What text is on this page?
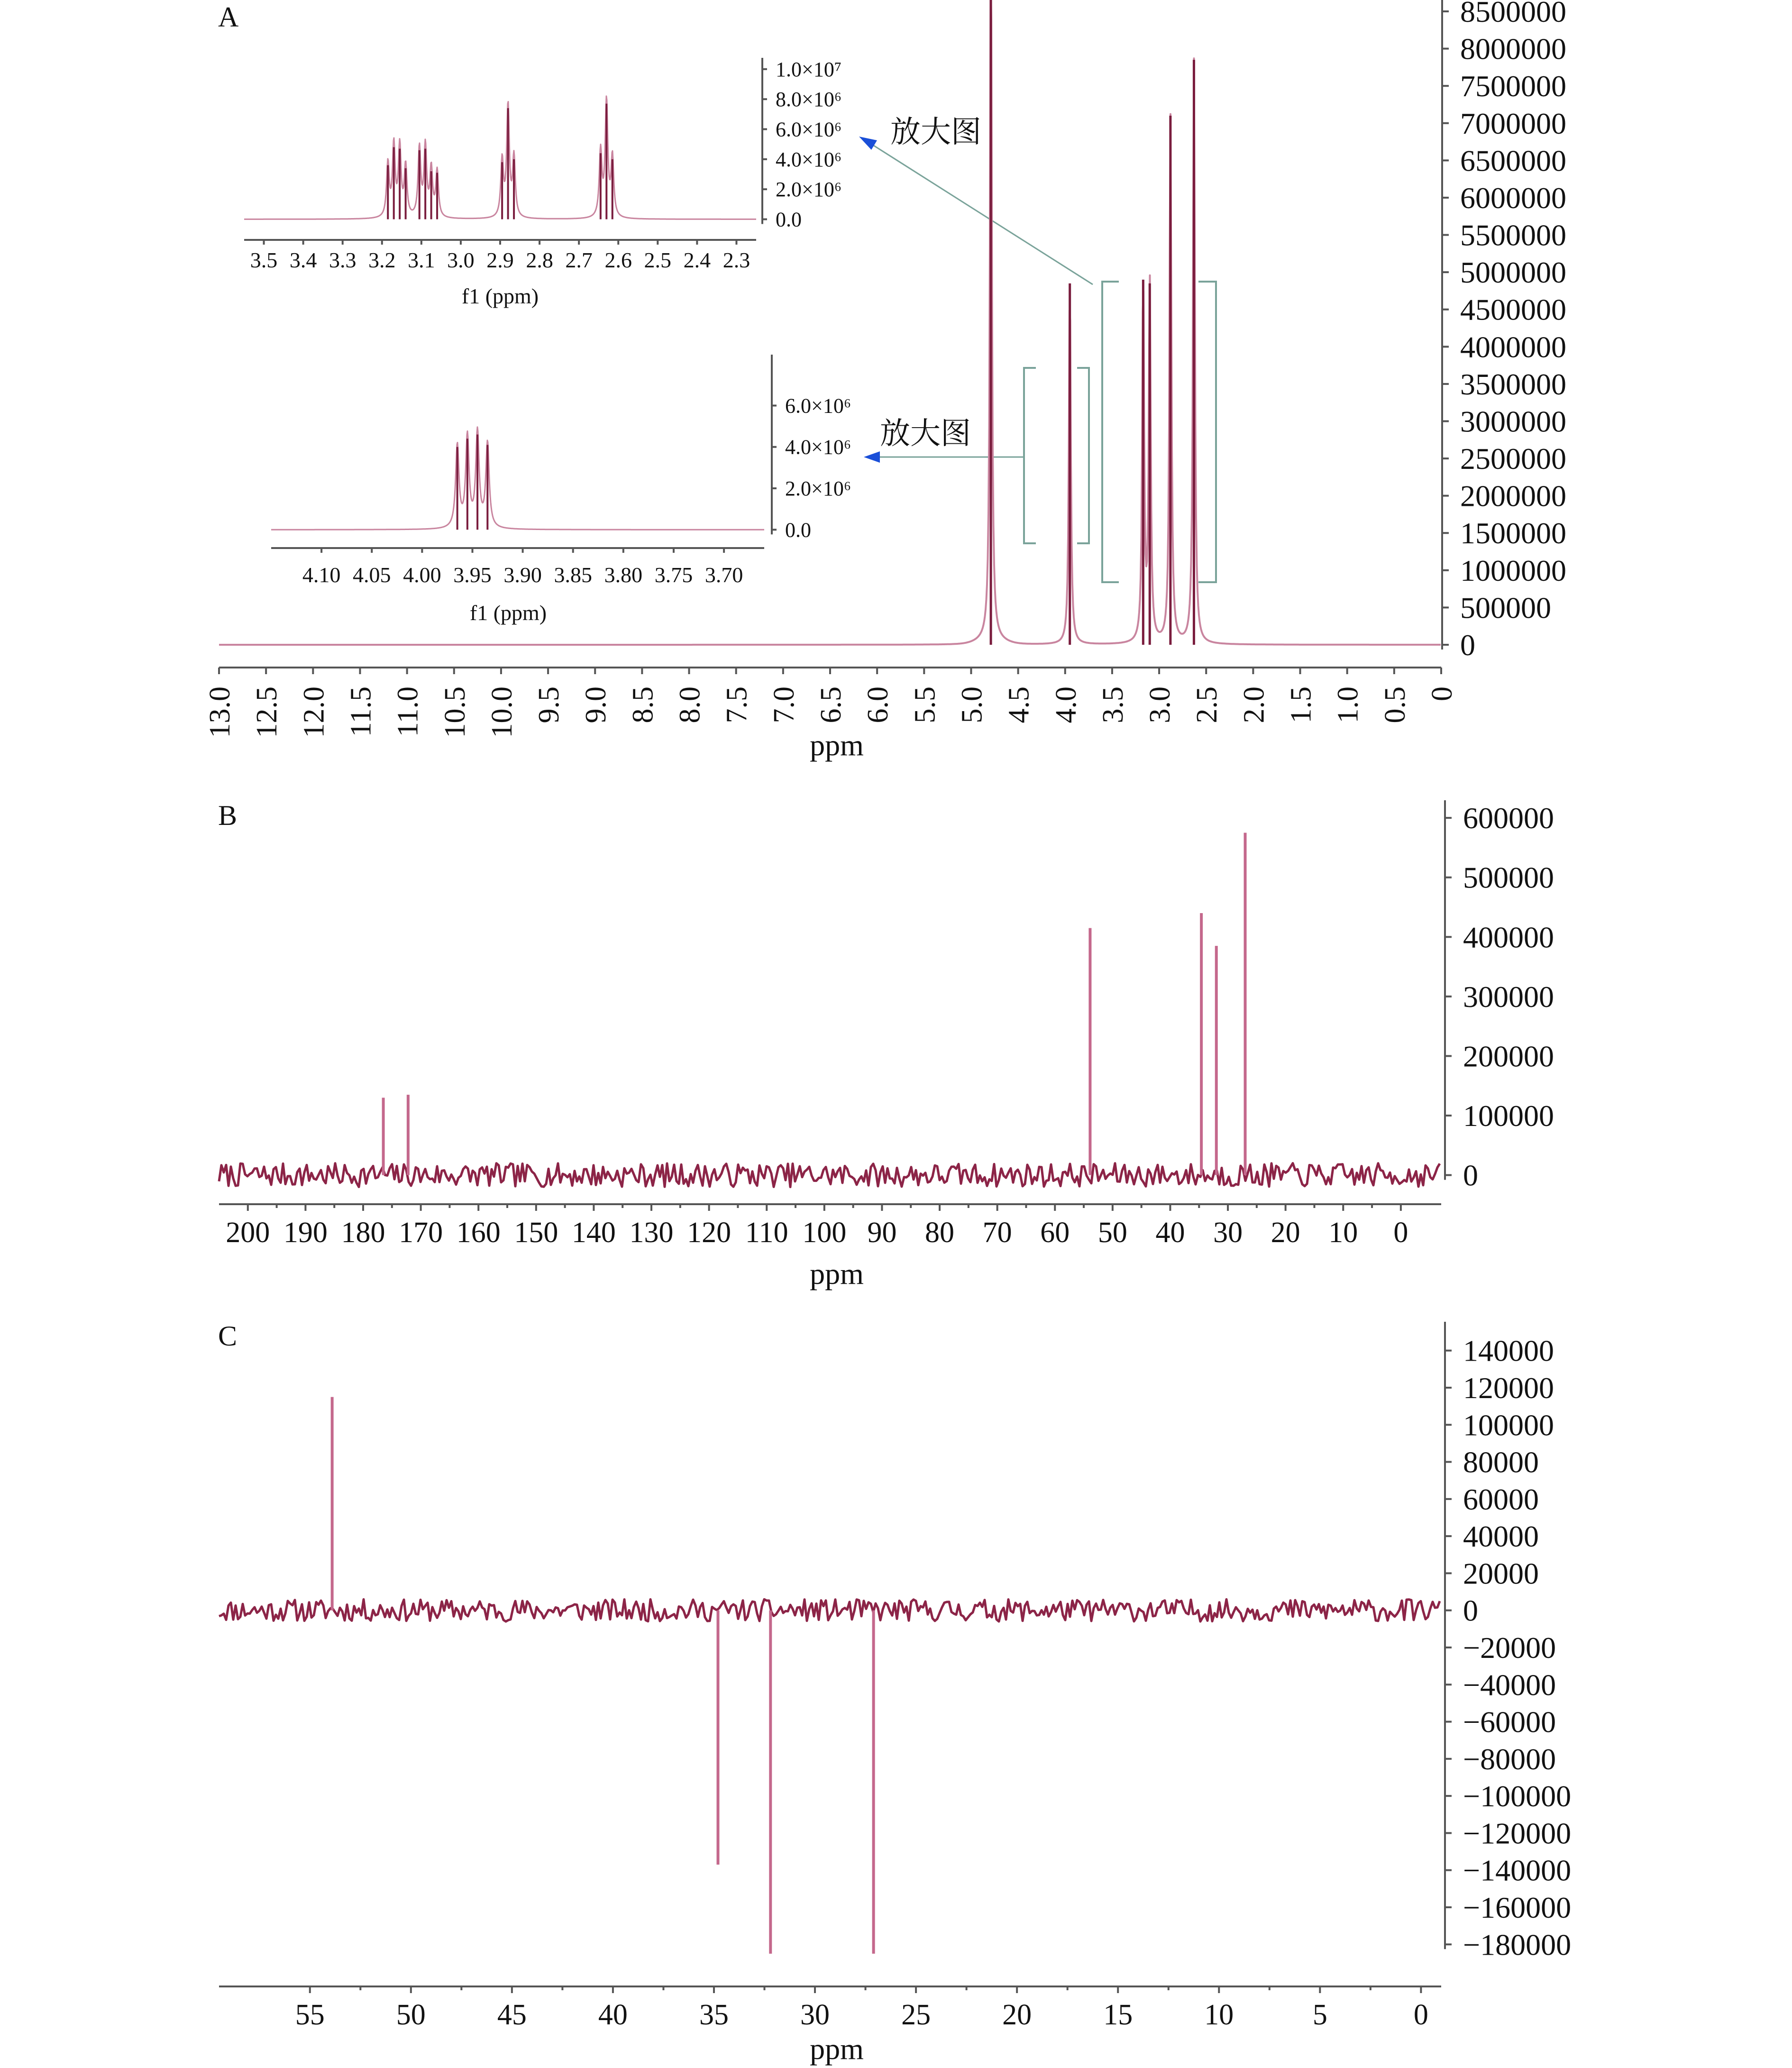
A
1.0×10⁷
8.0×10⁶
6.0×10⁶
4.0×10⁶
2.0×10⁶
0.0
3.5 3.4 3.3 3.2 3.1 3.0 2.9 2.8 2.7 2.6 2.5 2.4 2.3
f1 (ppm)
6.0×10⁶
4.0×10⁶
2.0×10⁶
0.0
4.10 4.05 4.00 3.95 3.90 3.85 3.80 3.75 3.70
f1 (ppm)
放大图
放大图
8500000
8000000
7500000
7000000
6500000
6000000
5500000
5000000
4500000
4000000
3500000
3000000
2500000
2000000
1500000
1000000
500000
0
13.0 12.5 12.0 11.5 11.0 10.5 10.0 9.5 9.0 8.5 8.0 7.5 7.0 6.5 6.0 5.5 5.0 4.5 4.0 3.5 3.0 2.5 2.0 1.5 1.0 0.5 0
ppm
B	600000
500000
400000
300000
200000
100000
0
200 190 180 170 160 150 140 130 120 110 100 90 80 70 60 50 40 30 20 10 0
ppm
C	140000
120000
100000
80000
60000
40000
20000
0
−20000
−40000
−60000
−80000
−100000
−120000
−140000
−160000
−180000
55 50 45 40 35 30 25 20 15 10	5	0
ppm
